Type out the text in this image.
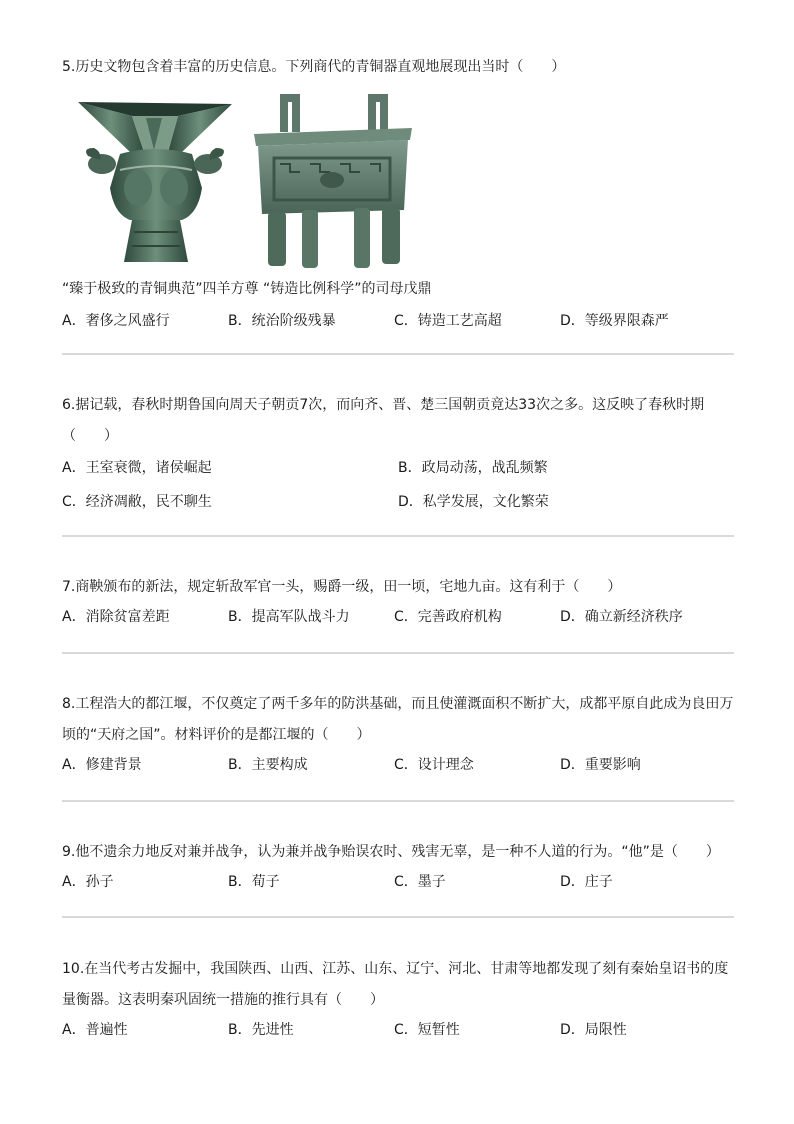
5.历史文物包含着丰富的历史信息。下列商代的青铜器直观地展现出当时（　　）

“臻于极致的青铜典范”四羊方尊 “铸造比例科学”的司母戊鼎
A．奢侈之风盛行	B．统治阶级残暴	C．铸造工艺高超	D．等级界限森严

6.据记载，春秋时期鲁国向周天子朝贡7次，而向齐、晋、楚三国朝贡竟达33次之多。这反映了春秋时期

（　　）

A．王室衰微，诸侯崛起	B．政局动荡，战乱频繁
C．经济凋敝，民不聊生	D．私学发展，文化繁荣

7.商鞅颁布的新法，规定斩敌军官一头，赐爵一级，田一顷，宅地九亩。这有利于（　　）

A．消除贫富差距	B．提高军队战斗力	C．完善政府机构	D．确立新经济秩序

8.工程浩大的都江堰，不仅奠定了两千多年的防洪基础，而且使灌溉面积不断扩大，成都平原自此成为良田万

顷的“天府之国”。材料评价的是都江堰的（　　）

A．修建背景	B．主要构成	C．设计理念	D．重要影响

9.他不遗余力地反对兼并战争，认为兼并战争贻误农时、残害无辜，是一种不人道的行为。“他”是（　　）

A．孙子	B．荀子	C．墨子	D．庄子

10.在当代考古发掘中，我国陕西、山西、江苏、山东、辽宁、河北、甘肃等地都发现了刻有秦始皇诏书的度

量衡器。这表明秦巩固统一措施的推行具有（　　）

A．普遍性	B．先进性	C．短暂性	D．局限性
